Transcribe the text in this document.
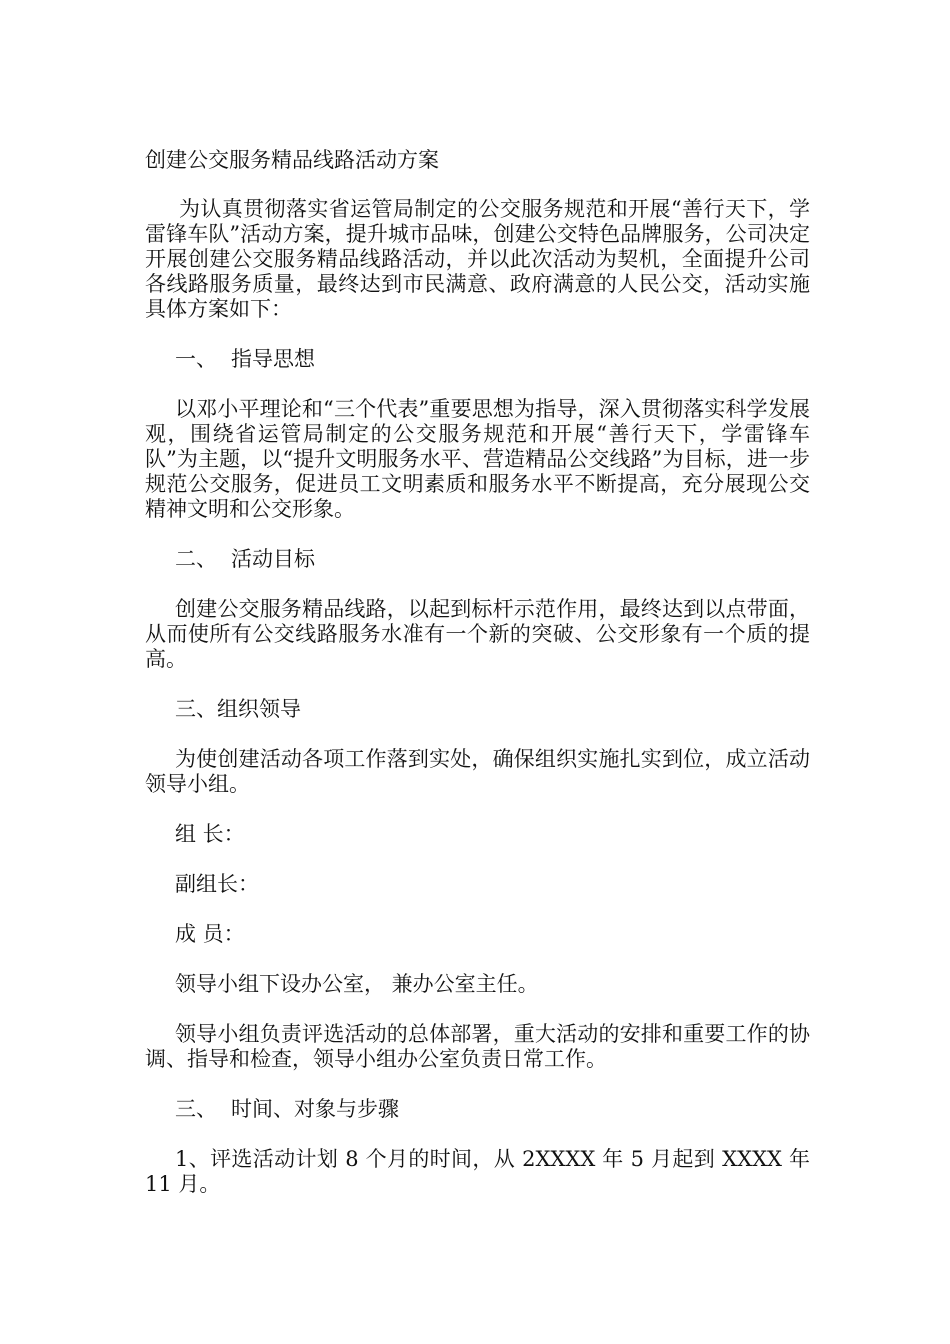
创建公交服务精品线路活动方案

为认真贯彻落实省运管局制定的公交服务规范和开展“善行天下，学雷锋车队”活动方案，提升城市品味，创建公交特色品牌服务，公司决定开展创建公交服务精品线路活动，并以此次活动为契机，全面提升公司各线路服务质量，最终达到市民满意、政府满意的人民公交，活动实施具体方案如下：

一、 指导思想

以邓小平理论和“三个代表”重要思想为指导，深入贯彻落实科学发展观，围绕省运管局制定的公交服务规范和开展“善行天下，学雷锋车队”为主题，以“提升文明服务水平、营造精品公交线路”为目标，进一步规范公交服务，促进员工文明素质和服务水平不断提高，充分展现公交精神文明和公交形象。

二、 活动目标

创建公交服务精品线路，以起到标杆示范作用，最终达到以点带面，从而使所有公交线路服务水准有一个新的突破、公交形象有一个质的提高。

三、组织领导

为使创建活动各项工作落到实处，确保组织实施扎实到位，成立活动领导小组。

组 长：

副组长：

成 员：

领导小组下设办公室， 兼办公室主任。

领导小组负责评选活动的总体部署，重大活动的安排和重要工作的协调、指导和检查，领导小组办公室负责日常工作。

三、 时间、对象与步骤

1、评选活动计划 8 个月的时间，从 2XXXX 年 5 月起到 XXXX 年 11 月。
